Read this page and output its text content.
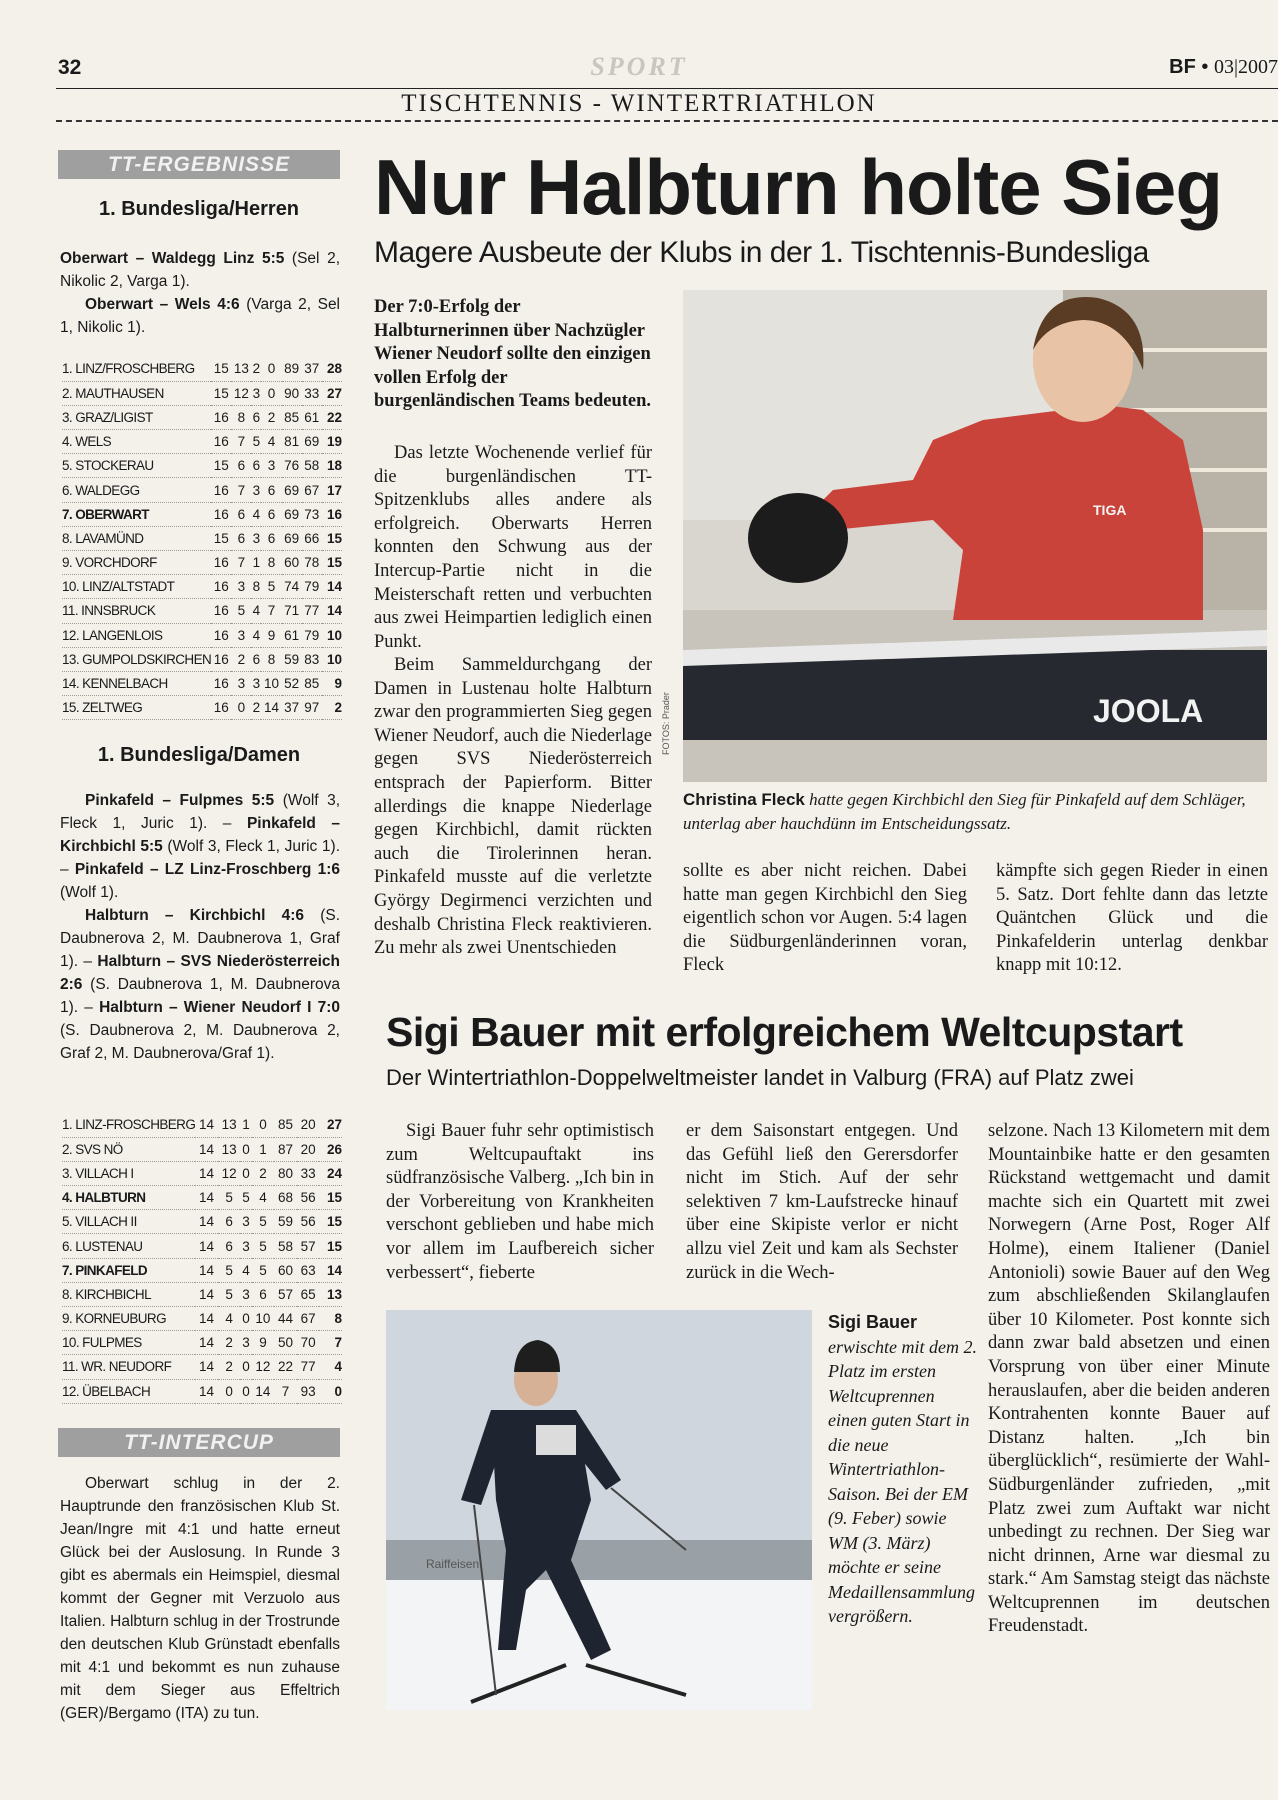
32	SPORT	BF • 03|2007
TISCHTENNIS - WINTERTRIATHLON
TT-ERGEBNISSE
1. Bundesliga/Herren

Oberwart – Waldegg Linz 5:5 (Sel 2, Nikolic 2, Varga 1).

Oberwart – Wels 4:6 (Varga 2, Sel 1, Nikolic 1).

1. LINZ/FROSCHBERG	15	13	2	0	89	37	28
2. MAUTHAUSEN	15	12	3	0	90	33	27
3. GRAZ/LIGIST	16	8	6	2	85	61	22
4. WELS	16	7	5	4	81	69	19
5. STOCKERAU	15	6	6	3	76	58	18
6. WALDEGG	16	7	3	6	69	67	17
7. OBERWART	16	6	4	6	69	73	16
8. LAVAMÜND	15	6	3	6	69	66	15
9. VORCHDORF	16	7	1	8	60	78	15
10. LINZ/ALTSTADT	16	3	8	5	74	79	14
11. INNSBRUCK	16	5	4	7	71	77	14
12. LANGENLOIS	16	3	4	9	61	79	10
13. GUMPOLDSKIRCHEN	16	2	6	8	59	83	10
14. KENNELBACH	16	3	3	10	52	85	9
15. ZELTWEG	16	0	2	14	37	97	2
1. Bundesliga/Damen

Pinkafeld – Fulpmes 5:5 (Wolf 3, Fleck 1, Juric 1). – Pinkafeld – Kirchbichl 5:5 (Wolf 3, Fleck 1, Juric 1). – Pinkafeld – LZ Linz-Froschberg 1:6 (Wolf 1).

Halbturn – Kirchbichl 4:6 (S. Daubnerova 2, M. Daubnerova 1, Graf 1). – Halbturn – SVS Niederösterreich 2:6 (S. Daubnerova 1, M. Daubnerova 1). – Halbturn – Wiener Neudorf I 7:0 (S. Daubnerova 2, M. Daubnerova 2, Graf 2, M. Daubnerova/Graf 1).

1. LINZ-FROSCHBERG	14	13	1	0	85	20	27
2. SVS NÖ	14	13	0	1	87	20	26
3. VILLACH I	14	12	0	2	80	33	24
4. HALBTURN	14	5	5	4	68	56	15
5. VILLACH II	14	6	3	5	59	56	15
6. LUSTENAU	14	6	3	5	58	57	15
7. PINKAFELD	14	5	4	5	60	63	14
8. KIRCHBICHL	14	5	3	6	57	65	13
9. KORNEUBURG	14	4	0	10	44	67	8
10. FULPMES	14	2	3	9	50	70	7
11. WR. NEUDORF	14	2	0	12	22	77	4
12. ÜBELBACH	14	0	0	14	7	93	0
TT-INTERCUP

Oberwart schlug in der 2. Hauptrunde den französischen Klub St. Jean/Ingre mit 4:1 und hatte erneut Glück bei der Auslosung. In Runde 3 gibt es abermals ein Heimspiel, diesmal kommt der Gegner mit Verzuolo aus Italien. Halbturn schlug in der Trostrunde den deutschen Klub Grünstadt ebenfalls mit 4:1 und bekommt es nun zuhause mit dem Sieger aus Effeltrich (GER)/Bergamo (ITA) zu tun.

Nur Halbturn holte Sieg
Magere Ausbeute der Klubs in der 1. Tischtennis-Bundesliga

Der 7:0-Erfolg der Halbturnerinnen über Nachzügler Wiener Neudorf sollte den einzigen vollen Erfolg der burgenländischen Teams bedeuten.

Das letzte Wochenende verlief für die burgenländischen TT-Spitzenklubs alles andere als erfolgreich. Oberwarts Herren konnten den Schwung aus der Intercup-Partie nicht in die Meisterschaft retten und verbuchten aus zwei Heimpartien lediglich einen Punkt.

Beim Sammeldurchgang der Damen in Lustenau holte Halbturn zwar den programmierten Sieg gegen Wiener Neudorf, auch die Niederlage gegen SVS Niederösterreich entsprach der Papierform. Bitter allerdings die knappe Niederlage gegen Kirchbichl, damit rückten auch die Tirolerinnen heran. Pinkafeld musste auf die verletzte György Degirmenci verzichten und deshalb Christina Fleck reaktivieren. Zu mehr als zwei Unentschieden

JOOLA
TIGA
FOTOS: Prader

Christina Fleck hatte gegen Kirchbichl den Sieg für Pinkafeld auf dem Schläger, unterlag aber hauchdünn im Entscheidungssatz.

sollte es aber nicht reichen. Dabei hatte man gegen Kirchbichl den Sieg eigentlich schon vor Augen. 5:4 lagen die Südburgenländerinnen voran, Fleck

kämpfte sich gegen Rieder in einen 5. Satz. Dort fehlte dann das letzte Quäntchen Glück und die Pinkafelderin unterlag denkbar knapp mit 10:12.

Sigi Bauer mit erfolgreichem Weltcupstart
Der Wintertriathlon-Doppelweltmeister landet in Valburg (FRA) auf Platz zwei

Sigi Bauer fuhr sehr optimistisch zum Weltcupauftakt ins südfranzösische Valberg. „Ich bin in der Vorbereitung von Krankheiten verschont geblieben und habe mich vor allem im Laufbereich sicher verbessert“, fieberte

er dem Saisonstart entgegen. Und das Gefühl ließ den Gerersdorfer nicht im Stich. Auf der sehr selektiven 7 km-Laufstrecke hinauf über eine Skipiste verlor er nicht allzu viel Zeit und kam als Sechster zurück in die Wech-

selzone. Nach 13 Kilometern mit dem Mountainbike hatte er den gesamten Rückstand wettgemacht und damit machte sich ein Quartett mit zwei Norwegern (Arne Post, Roger Alf Holme), einem Italiener (Daniel Antonioli) sowie Bauer auf den Weg zum abschließenden Skilanglaufen über 10 Kilometer. Post konnte sich dann zwar bald absetzen und einen Vorsprung von über einer Minute herauslaufen, aber die beiden anderen Kontrahenten konnte Bauer auf Distanz halten. „Ich bin überglücklich“, resümierte der Wahl-Südburgenländer zufrieden, „mit Platz zwei zum Auftakt war nicht unbedingt zu rechnen. Der Sieg war nicht drinnen, Arne war diesmal zu stark.“ Am Samstag steigt das nächste Weltcuprennen im deutschen Freudenstadt.

Raiffeisen

Sigi Bauer erwischte mit dem 2. Platz im ersten Weltcuprennen einen guten Start in die neue Wintertriathlon-Saison. Bei der EM (9. Feber) sowie WM (3. März) möchte er seine Medaillensammlung vergrößern.
